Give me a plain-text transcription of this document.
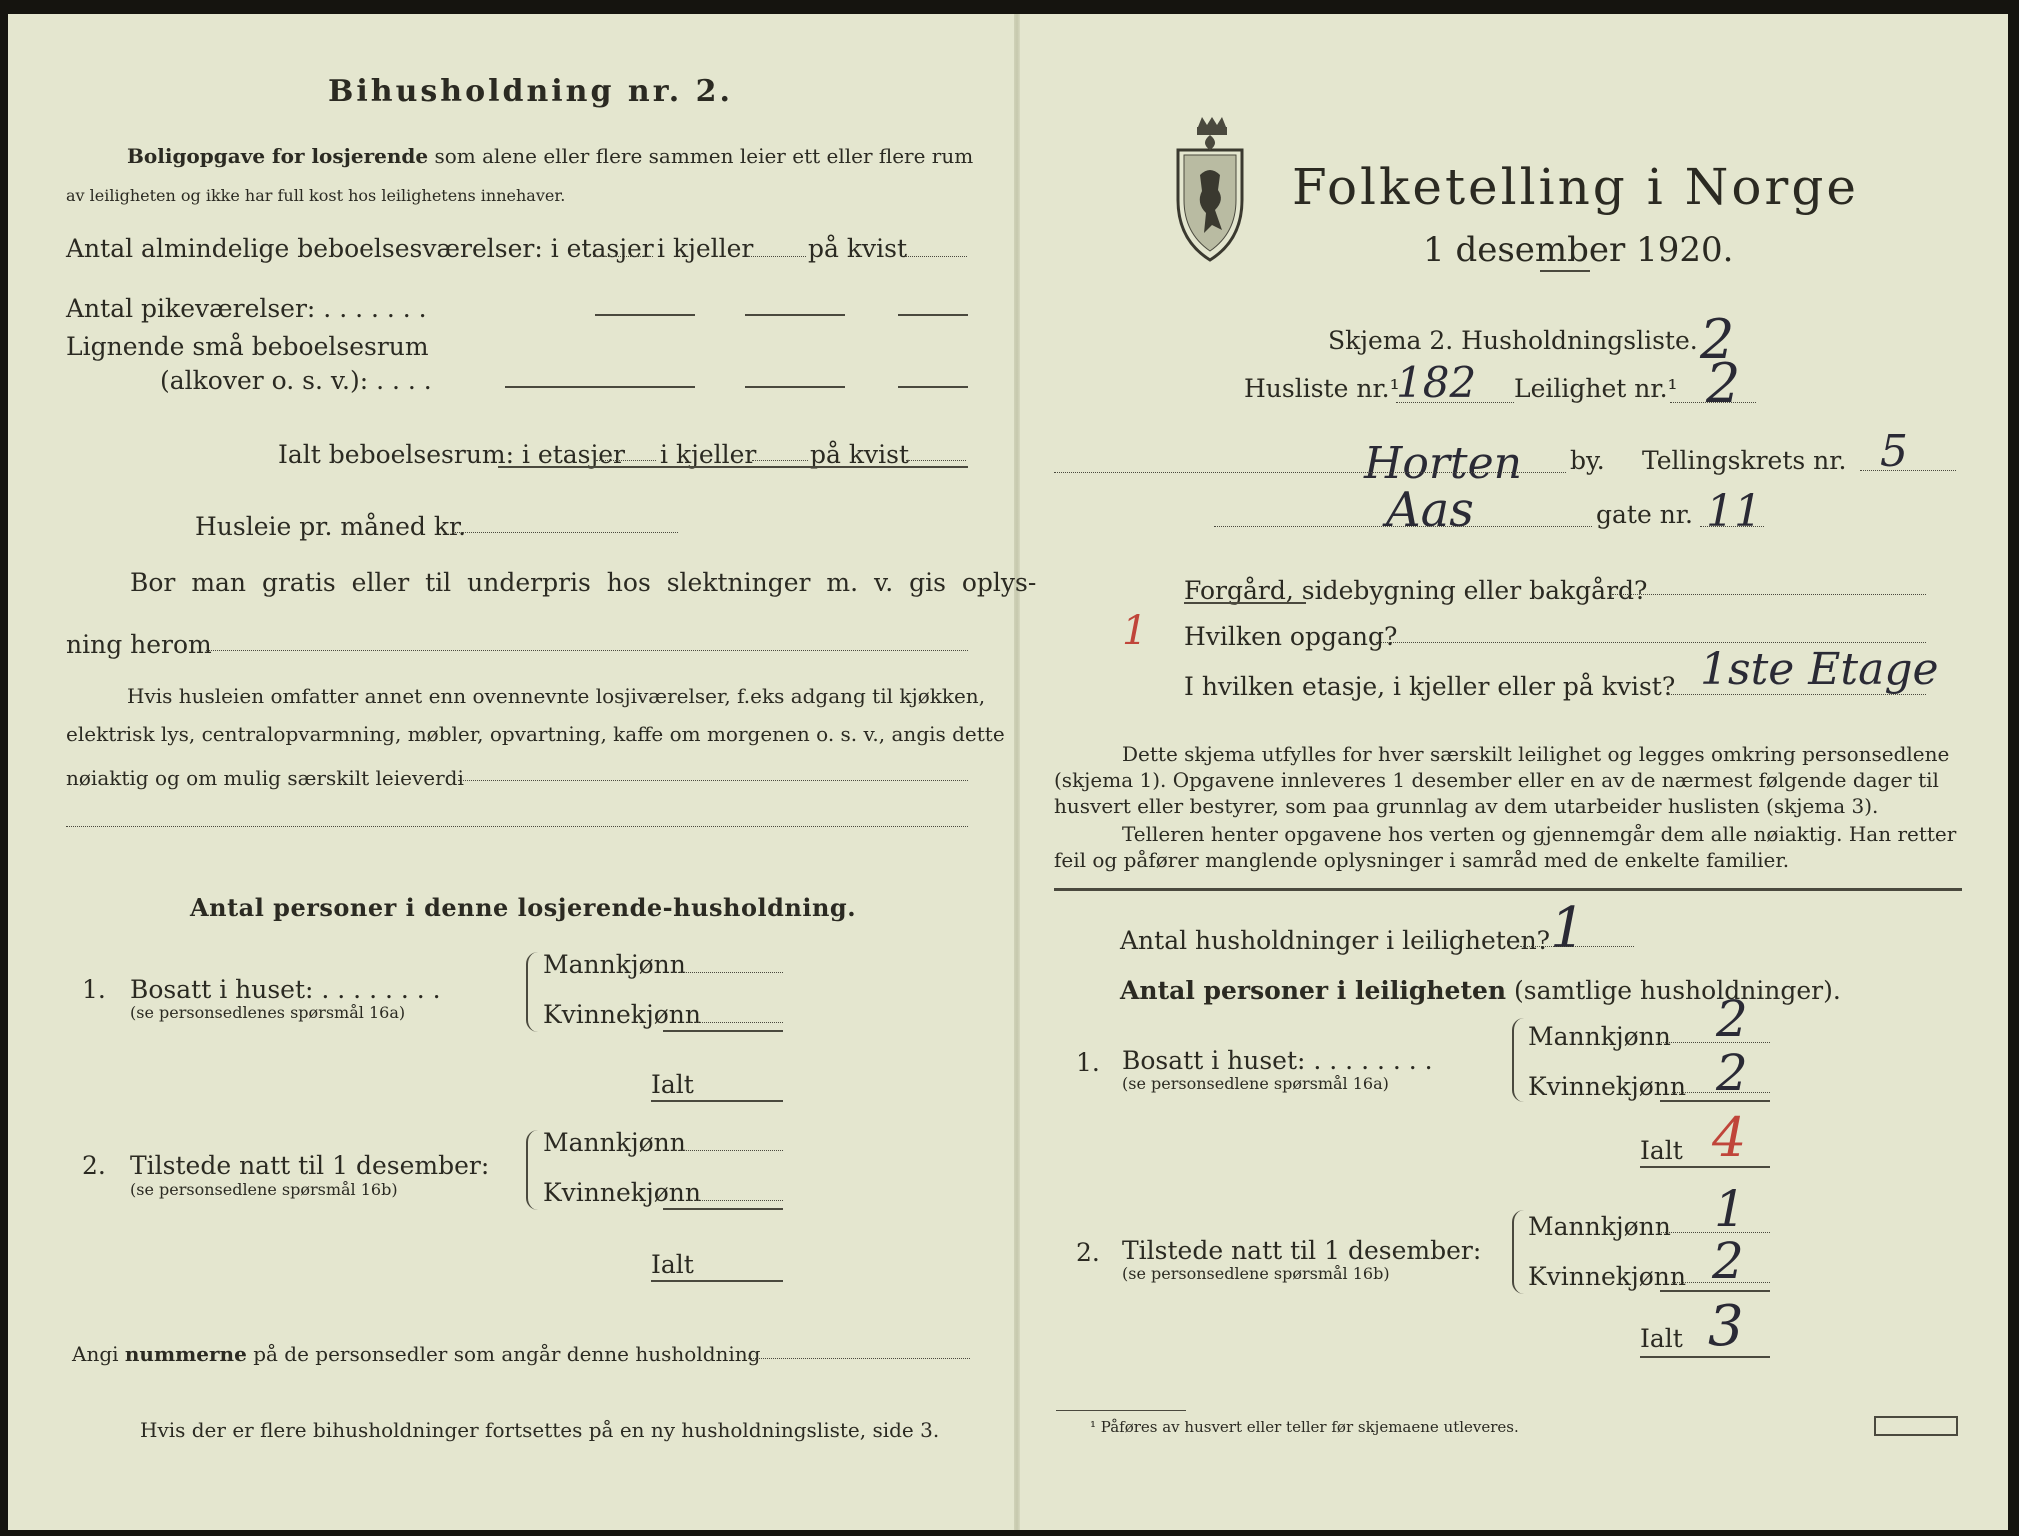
Bihusholdning nr. 2.
Boligopgave for losjerende som alene eller flere sammen leier ett eller flere rum
av leiligheten og ikke har full kost hos leilighetens innehaver.
Antal almindelige beboelsesværelser: i etasjer i kjeller på kvist
Antal pikeværelser: . . . . . . .
Lignende små beboelsesrum
(alkover o. s. v.): . . . .
Ialt beboelsesrum: i etasjer i kjeller på kvist
Husleie pr. måned kr.
Bor man gratis eller til underpris hos slektninger m. v. gis oplys-
ning herom
Hvis husleien omfatter annet enn ovennevnte losjiværelser, f.eks adgang til kjøkken,
elektrisk lys, centralopvarmning, møbler, opvartning, kaffe om morgenen o. s. v., angis dette
nøiaktig og om mulig særskilt leieverdi
Antal personer i denne losjerende-husholdning.
1. Bosatt i huset: . . . . . . . .
(se personsedlenes spørsmål 16a)
Mannkjønn
Kvinnekjønn
Ialt
2. Tilstede natt til 1 desember:
(se personsedlene spørsmål 16b)
Mannkjønn
Kvinnekjønn
Ialt
Angi nummerne på de personsedler som angår denne husholdning
Hvis der er flere bihusholdninger fortsettes på en ny husholdningsliste, side 3.
Folketelling i Norge
1 desember 1920.
Skjema 2. Husholdningsliste. 2
Husliste nr.¹
182 Leilighet nr.¹ 2
Horten by. Tellingskrets nr. 5
Aas	gate nr. 11
Forgård, sidebygning eller bakgård?
1 Hvilken opgang?
I hvilken etasje, i kjeller eller på kvist? 1ste Etage
Dette skjema utfylles for hver særskilt leilighet og legges omkring personsedlene
(skjema 1). Opgavene innleveres 1 desember eller en av de nærmest følgende dager til
husvert eller bestyrer, som paa grunnlag av dem utarbeider huslisten (skjema 3).
Telleren henter opgavene hos verten og gjennemgår dem alle nøiaktig. Han retter
feil og påfører manglende oplysninger i samråd med de enkelte familier.
Antal husholdninger i leiligheten? 1
Antal personer i leiligheten (samtlige husholdninger).
1. Bosatt i huset: . . . . . . . .
(se personsedlene spørsmål 16a)
Mannkjønn 2
Kvinnekjønn 2
Ialt 4
2. Tilstede natt til 1 desember:
(se personsedlene spørsmål 16b)
Mannkjønn 1
Kvinnekjønn 2
Ialt 3
¹ Påføres av husvert eller teller før skjemaene utleveres.
